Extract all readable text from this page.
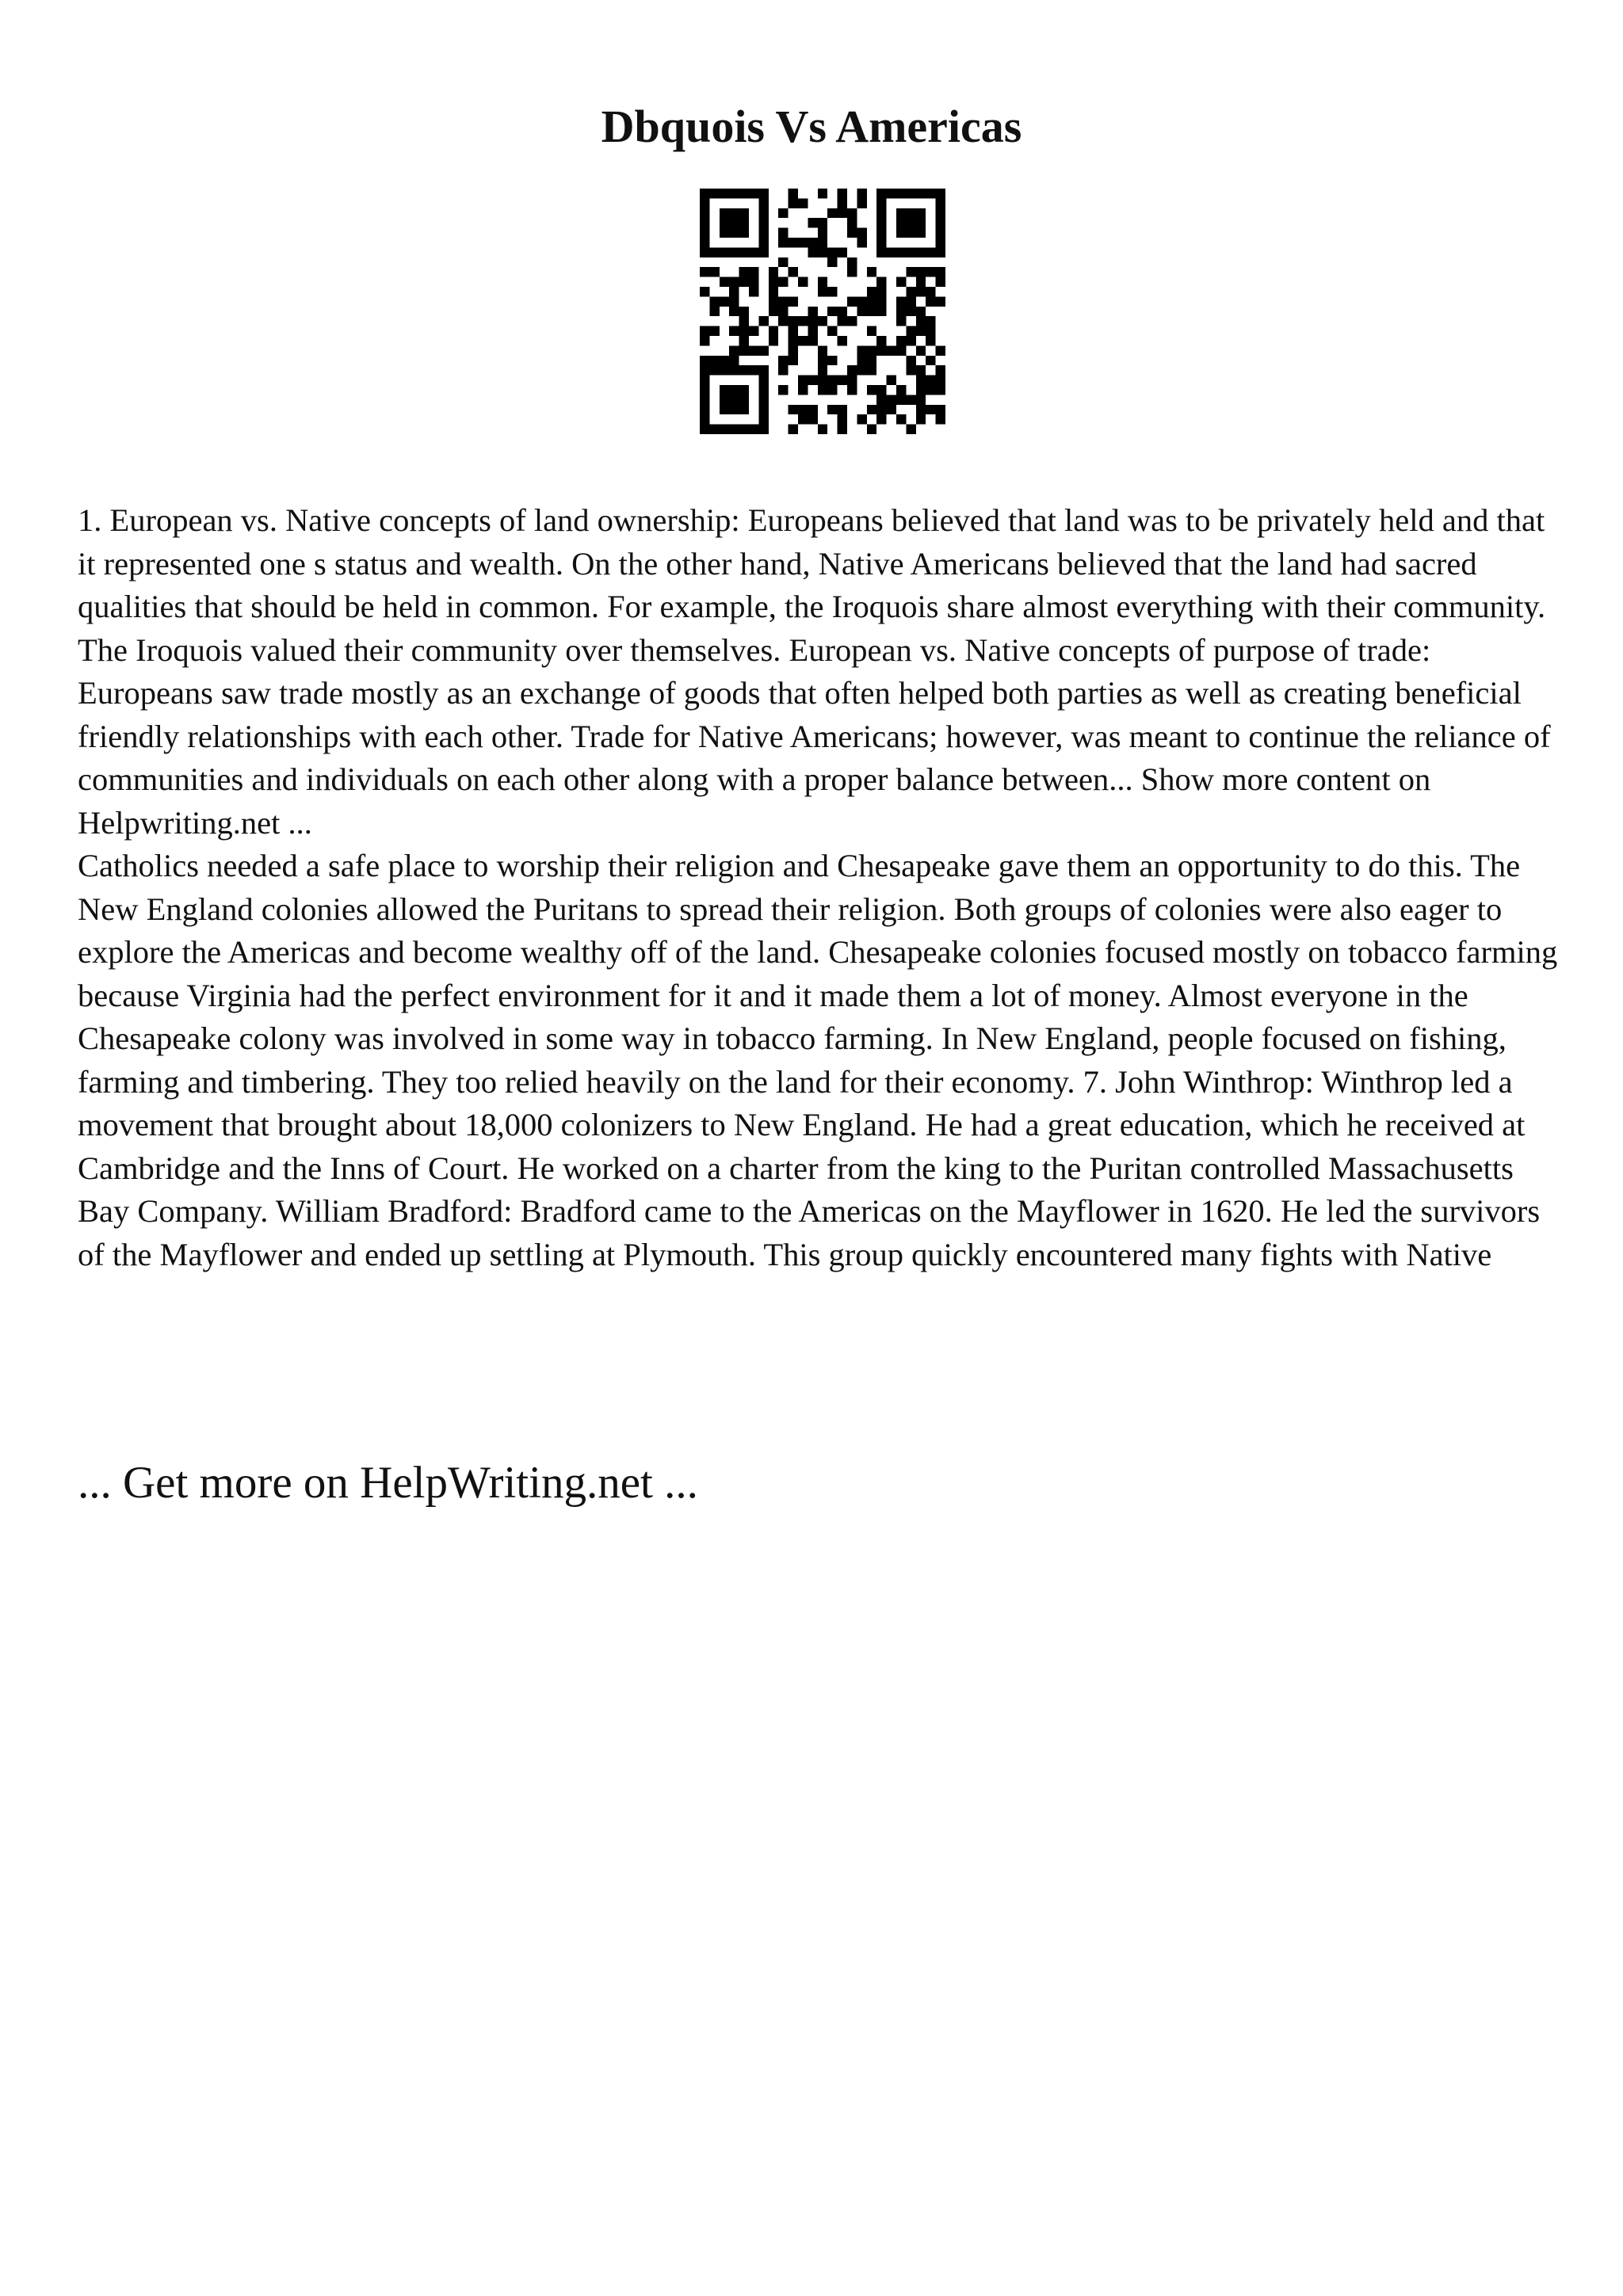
Dbquois Vs Americas

1. European vs. Native concepts of land ownership: Europeans believed that land was to be privately held and that it represented one s status and wealth. On the other hand, Native Americans believed that the land had sacred qualities that should be held in common. For example, the Iroquois share almost everything with their community. The Iroquois valued their community over themselves. European vs. Native concepts of purpose of trade: Europeans saw trade mostly as an exchange of goods that often helped both parties as well as creating beneficial friendly relationships with each other. Trade for Native Americans; however, was meant to continue the reliance of communities and individuals on each other along with a proper balance between... Show more content on Helpwriting.net ...

Catholics needed a safe place to worship their religion and Chesapeake gave them an opportunity to do this. The New England colonies allowed the Puritans to spread their religion. Both groups of colonies were also eager to explore the Americas and become wealthy off of the land. Chesapeake colonies focused mostly on tobacco farming because Virginia had the perfect environment for it and it made them a lot of money. Almost everyone in the Chesapeake colony was involved in some way in tobacco farming. In New England, people focused on fishing, farming and timbering. They too relied heavily on the land for their economy. 7. John Winthrop: Winthrop led a movement that brought about 18,000 colonizers to New England. He had a great education, which he received at Cambridge and the Inns of Court. He worked on a charter from the king to the Puritan controlled Massachusetts Bay Company. William Bradford: Bradford came to the Americas on the Mayflower in 1620. He led the survivors of the Mayflower and ended up settling at Plymouth. This group quickly encountered many fights with Native

... Get more on HelpWriting.net ...
